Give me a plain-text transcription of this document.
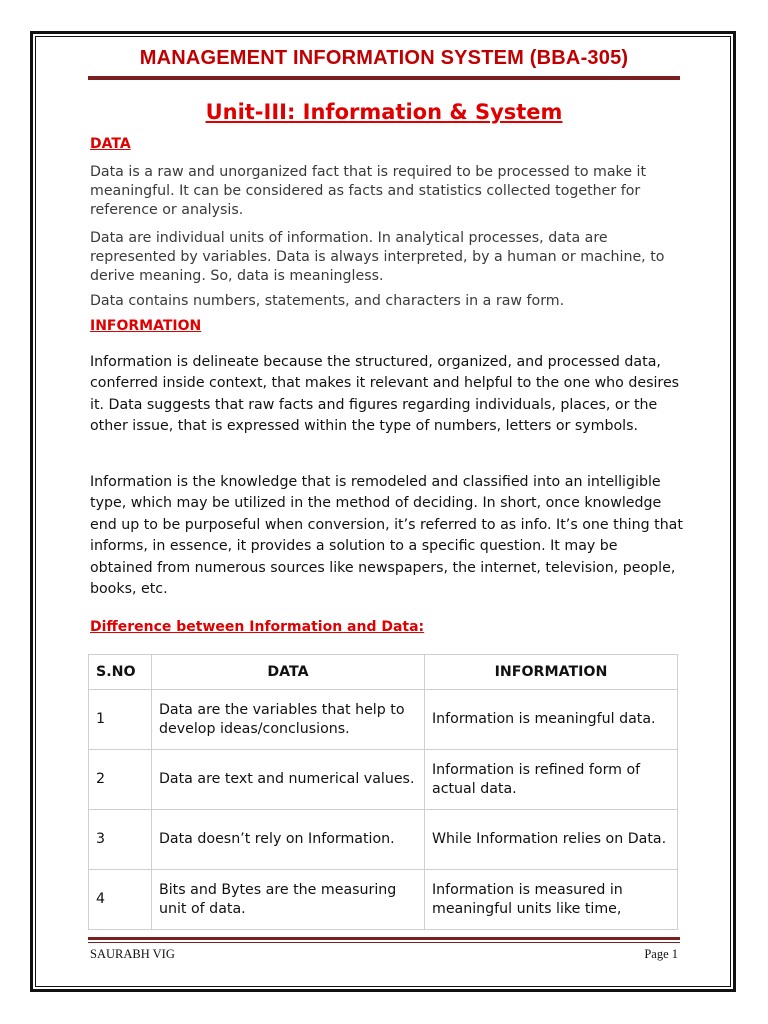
MANAGEMENT INFORMATION SYSTEM (BBA-305)
Unit-III: Information & System
DATA
Data is a raw and unorganized fact that is required to be processed to make it meaningful. It can be considered as facts and statistics collected together for reference or analysis.
Data are individual units of information. In analytical processes, data are represented by variables. Data is always interpreted, by a human or machine, to derive meaning. So, data is meaningless.
Data contains numbers, statements, and characters in a raw form.
INFORMATION
Information is delineate because the structured, organized, and processed data, conferred inside context, that makes it relevant and helpful to the one who desires it. Data suggests that raw facts and figures regarding individuals, places, or the other issue, that is expressed within the type of numbers, letters or symbols.
Information is the knowledge that is remodeled and classified into an intelligible type, which may be utilized in the method of deciding. In short, once knowledge end up to be purposeful when conversion, it’s referred to as info. It’s one thing that informs, in essence, it provides a solution to a specific question. It may be obtained from numerous sources like newspapers, the internet, television, people, books, etc.
Difference between Information and Data:
S.NO	DATA	INFORMATION
1	Data are the variables that help to develop ideas/conclusions.	Information is meaningful data.
2	Data are text and numerical values.	Information is refined form of actual data.
3	Data doesn’t rely on Information.	While Information relies on Data.
4	Bits and Bytes are the measuring unit of data.	Information is measured in meaningful units like time,
SAURABH VIG	Page 1
